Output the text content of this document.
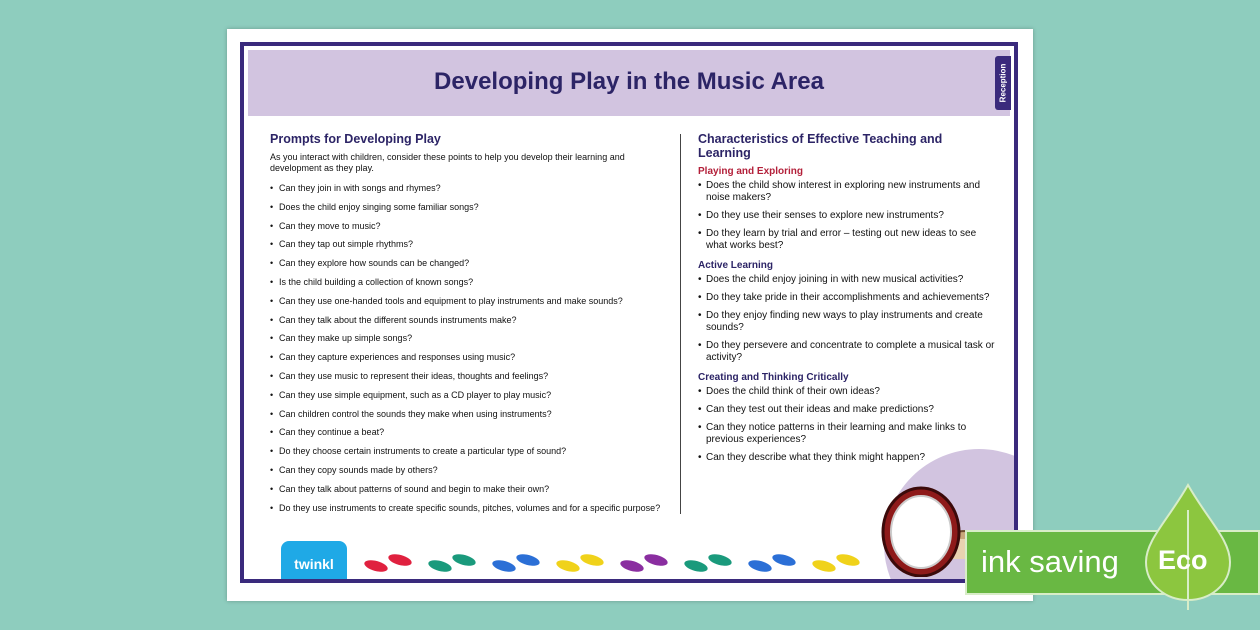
Developing Play in the Music Area	Reception
Prompts for Developing Play

As you interact with children, consider these points to help you develop their learning and development as they play.

• Can they join in with songs and rhymes?
• Does the child enjoy singing some familiar songs?
• Can they move to music?
• Can they tap out simple rhythms?
• Can they explore how sounds can be changed?
• Is the child building a collection of known songs?
• Can they use one-handed tools and equipment to play instruments and make sounds?
• Can they talk about the different sounds instruments make?
• Can they make up simple songs?
• Can they capture experiences and responses using music?
• Can they use music to represent their ideas, thoughts and feelings?
• Can they use simple equipment, such as a CD player to play music?
• Can children control the sounds they make when using instruments?
• Can they continue a beat?
• Do they choose certain instruments to create a particular type of sound?
• Can they copy sounds made by others?
• Can they talk about patterns of sound and begin to make their own?
• Do they use instruments to create specific sounds, pitches, volumes and for a specific purpose?
Characteristics of Effective Teaching and Learning
Playing and Exploring
• Does the child show interest in exploring new instruments and noise makers?
• Do they use their senses to explore new instruments?
• Do they learn by trial and error – testing out new ideas to see what works best?
Active Learning
• Does the child enjoy joining in with new musical activities?
• Do they take pride in their accomplishments and achievements?
• Do they enjoy finding new ways to play instruments and create sounds?
• Do they persevere and concentrate to complete a musical task or activity?
Creating and Thinking Critically
• Does the child think of their own ideas?
• Can they test out their ideas and make predictions?
• Can they notice patterns in their learning and make links to previous experiences?
• Can they describe what they think might happen?
twinkl	ink saving Eco
